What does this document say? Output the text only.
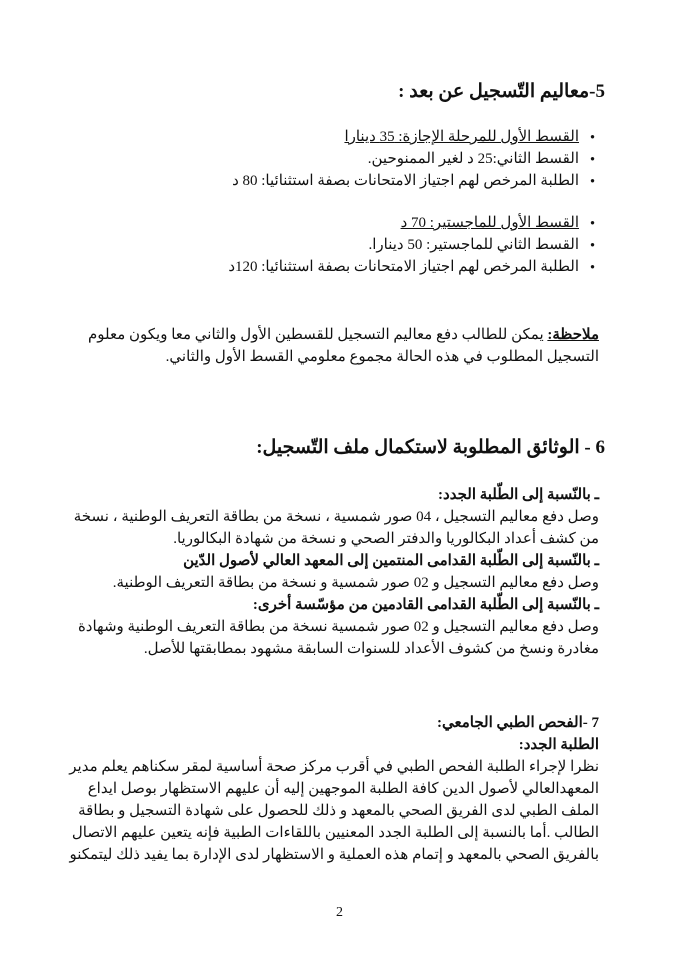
5-معاليم التّسجيل عن بعد :
● القسط الأول للمرحلة الإجازة: 35 دينارا
● القسط الثاني:25 د لغير الممنوحين.
● الطلبة المرخص لهم اجتياز الامتحانات بصفة استثنائيا: 80 د
● القسط الأول للماجستير: 70 د
● القسط الثاني للماجستير: 50 دينارا.
● الطلبة المرخص لهم اجتياز الامتحانات بصفة استثنائيا: 120د
ملاحظة: يمكن للطالب دفع معاليم التسجيل للقسطين الأول والثاني معا ويكون معلوم
التسجيل المطلوب في هذه الحالة مجموع معلومي القسط الأول والثاني.
6 - الوثائق المطلوبة لاستكمال ملف التّسجيل:
ـ بالنّسبة إلى الطّلبة الجدد:
وصل دفع معاليم التسجيل ، 04 صور شمسية ، نسخة من بطاقة التعريف الوطنية ، نسخة
من كشف أعداد البكالوريا والدفتر الصحي و نسخة من شهادة البكالوريا.
ـ بالنّسبة إلى الطّلبة القدامى المنتمين إلى المعهد العالي لأصول الدّين
وصل دفع معاليم التسجيل و 02 صور شمسية و نسخة من بطاقة التعريف الوطنية.
ـ بالنّسبة إلى الطّلبة القدامى القادمين من مؤسّسة أخرى:
وصل دفع معاليم التسجيل و 02 صور شمسية نسخة من بطاقة التعريف الوطنية وشهادة
مغادرة ونسخ من كشوف الأعداد للسنوات السابقة مشهود بمطابقتها للأصل.
7 -الفحص الطبي الجامعي:
الطلبة الجدد:
نظرا لإجراء الطلبة الفحص الطبي في أقرب مركز صحة أساسية لمقر سكناهم يعلم مدير
المعهدالعالي لأصول الدين كافة الطلبة الموجهين إليه أن عليهم الاستظهار بوصل ايداع
الملف الطبي لدى الفريق الصحي بالمعهد و ذلك للحصول على شهادة التسجيل و بطاقة
الطالب .أما بالنسبة إلى الطلبة الجدد المعنيين باللقاءات الطبية فإنه يتعين عليهم الاتصال
بالفريق الصحي بالمعهد و إتمام هذه العملية و الاستظهار لدى الإدارة بما يفيد ذلك ليتمكنو
2
